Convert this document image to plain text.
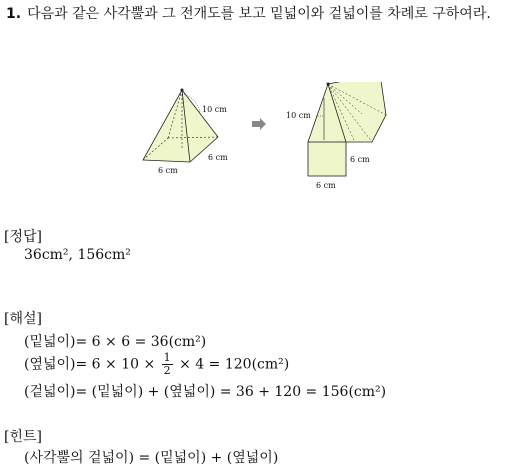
1. 다음과 같은 사각뿔과 그 전개도를 보고 밑넓이와 겉넓이를 차례로 구하여라.
10 cm
6 cm
6 cm
10 cm
6 cm
6 cm
[정답]
36cm², 156cm²
[해설]
(밑넓이)= 6 × 6 = 36(cm²)
(옆넓이)= $6 \times 10 \times \frac{1}{2} \times 4 = 120(cm^2)$
(겉넓이)= (밑넓이) + (옆넓이) = 36 + 120 = 156(cm²)
[힌트]
(사각뿔의 겉넓이) = (밑넓이) + (옆넓이)
